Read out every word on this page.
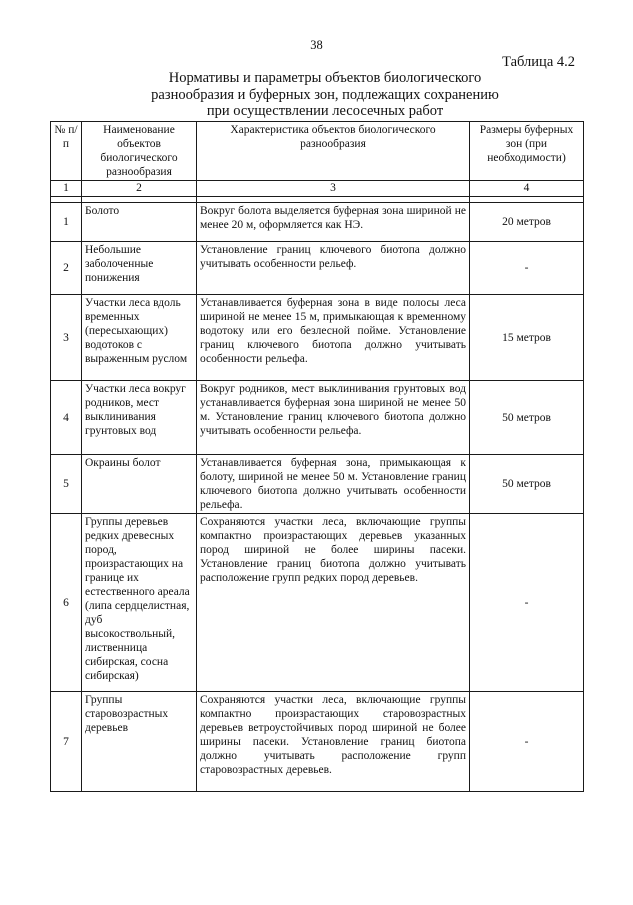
38
Таблица 4.2
Нормативы и параметры объектов биологического
разнообразия и буферных зон, подлежащих сохранению
при осуществлении лесосечных работ
№ п/п	Наименование объектов биологического разнообразия	Характеристика объектов биологического разнообразия	Размеры буферных зон (при необходимости)
1	2	3	4

1	Болото	Вокруг болота выделяется буферная зона шириной не менее 20 м, оформляется как НЭ.	20 метров
2	Небольшие заболоченные понижения	Установление границ ключевого биотопа должно учитывать особенности рельеф.	-
3	Участки леса вдоль временных (пересыхающих) водотоков с выраженным руслом	Устанавливается буферная зона в виде полосы леса шириной не менее 15 м, примыкающая к временному водотоку или его безлесной пойме. Установление границ ключевого биотопа должно учитывать особенности рельефа.	15 метров
4	Участки леса вокруг родников, мест выклинивания грунтовых вод	Вокруг родников, мест выклинивания грунтовых вод устанавливается буферная зона шириной не менее 50 м. Установление границ ключевого биотопа должно учитывать особенности рельефа.	50 метров
5	Окраины болот	Устанавливается буферная зона, примыкающая к болоту, шириной не менее 50 м. Установление границ ключевого биотопа должно учитывать особенности рельефа.	50 метров
6	Группы деревьев редких древесных пород, произрастающих на границе их естественного ареала (липа сердцелистная, дуб высокоствольный, лиственница сибирская, сосна сибирская)	Сохраняются участки леса, включающие группы компактно произрастающих деревьев указанных пород шириной не более ширины пасеки. Установление границ биотопа должно учитывать расположение групп редких пород деревьев.	-
7	Группы старовозрастных деревьев	Сохраняются участки леса, включающие группы компактно произрастающих старовозрастных деревьев ветроустойчивых пород шириной не более ширины пасеки. Установление границ биотопа должно учитывать расположение групп старовозрастных деревьев.	-
